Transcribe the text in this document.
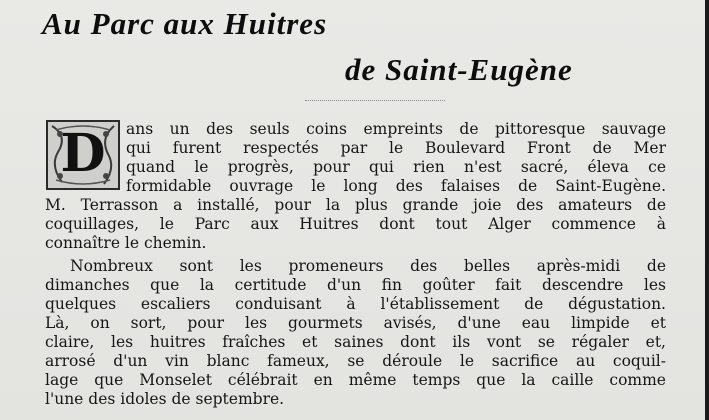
Au Parc aux Huitres
de Saint-Eugène
D	ans un des seuls coins empreints de pittoresque sauvage
qui furent respectés par le Boulevard Front de Mer
quand le progrès, pour qui rien n'est sacré, éleva ce
formidable ouvrage le long des falaises de Saint-Eugène.
M. Terrasson a installé, pour la plus grande joie des amateurs de
coquillages, le Parc aux Huitres dont tout Alger commence à
connaître le chemin.
Nombreux sont les promeneurs des belles après-midi de
dimanches que la certitude d'un fin goûter fait descendre les
quelques escaliers conduisant à l'établissement de dégustation.
Là, on sort, pour les gourmets avisés, d'une eau limpide et
claire, les huitres fraîches et saines dont ils vont se régaler et,
arrosé d'un vin blanc fameux, se déroule le sacrifice au coquil-
lage que Monselet célébrait en même temps que la caille comme
l'une des idoles de septembre.
